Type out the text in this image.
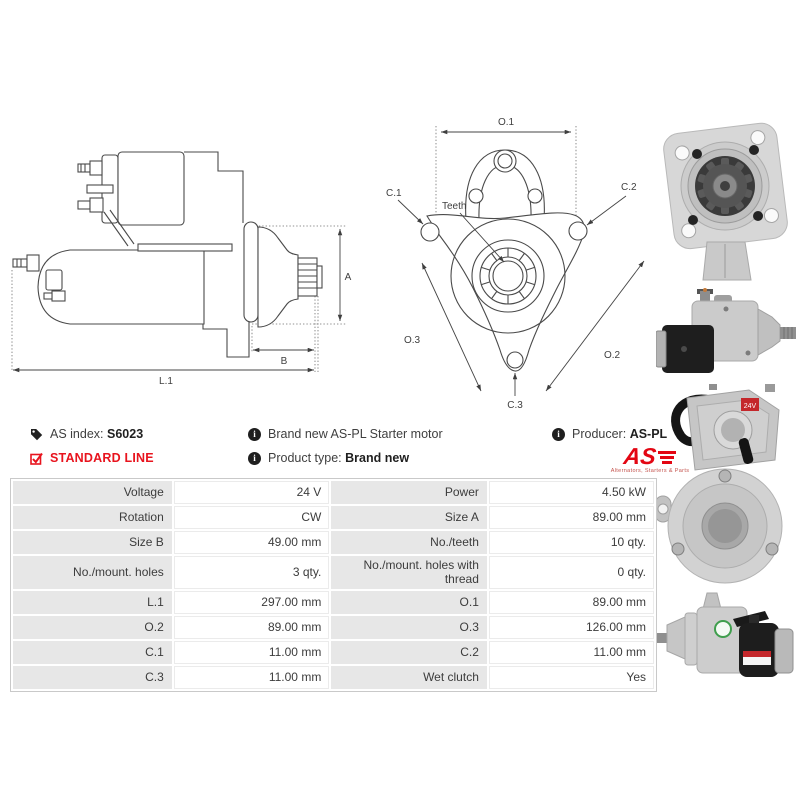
A
B
L.1
O.1
C.1
C.2
Teeth
O.3
O.2
C.3	24V
AS index: S6023
STANDARD LINE
i Brand new AS-PL Starter motor
i Product type: Brand new
i Producer: AS-PL
AS
Alternators, Starters & Parts
Voltage	24 V	Power	4.50 kW
Rotation	CW	Size A	89.00 mm
Size B	49.00 mm	No./teeth	10 qty.
No./mount. holes	3 qty.	No./mount. holes with thread	0 qty.
L.1	297.00 mm	O.1	89.00 mm
O.2	89.00 mm	O.3	126.00 mm
C.1	11.00 mm	C.2	11.00 mm
C.3	11.00 mm	Wet clutch	Yes
